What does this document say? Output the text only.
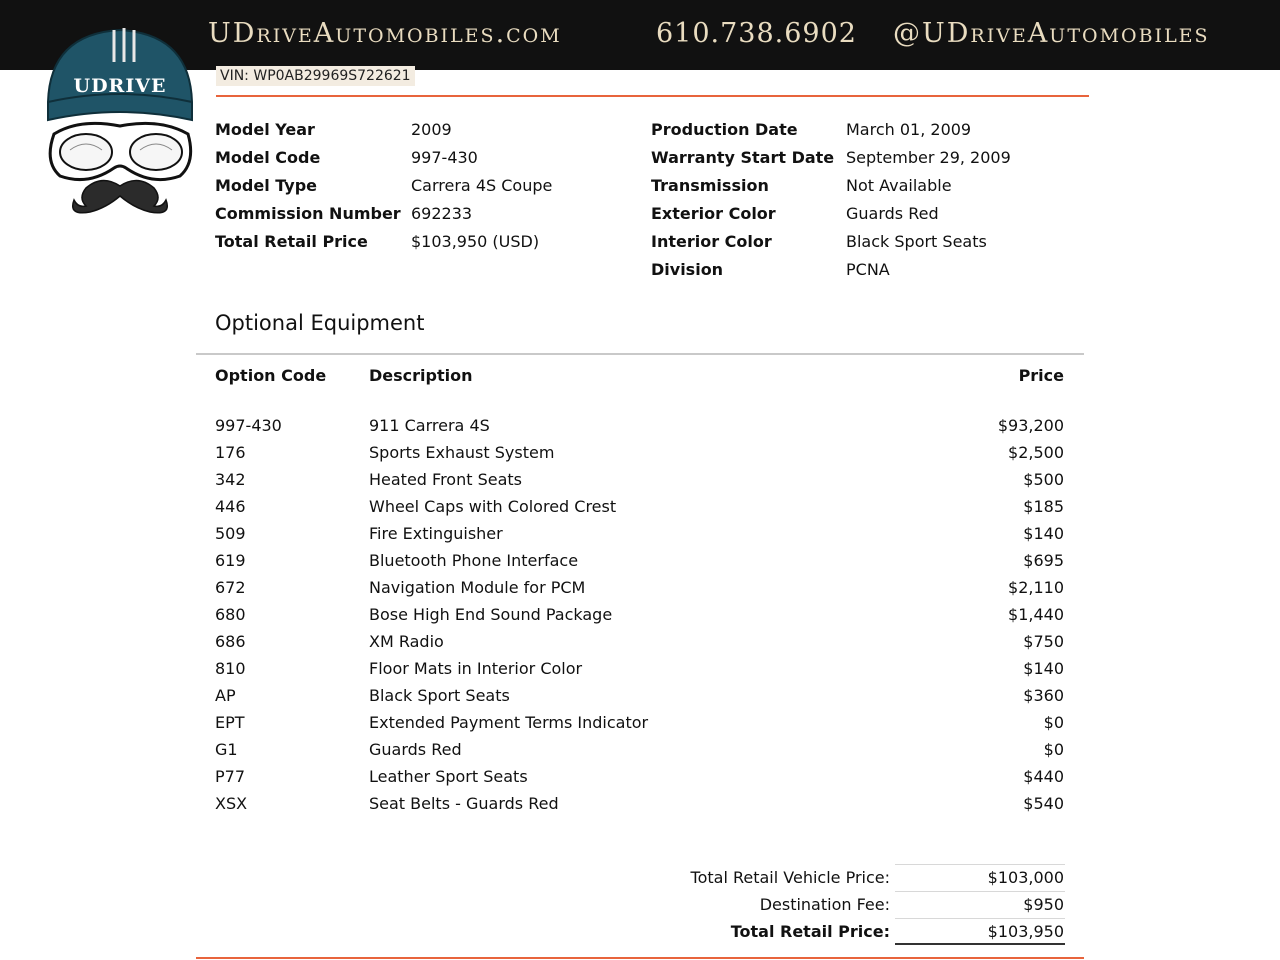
UDriveAutomobiles.com	610.738.6902 @UDriveAutomobiles
UDRIVE	VIN: WP0AB29969S722621
Model Year	2009
Model Code	997-430
Model Type	Carrera 4S Coupe
Commission Number 692233
Total Retail Price	$103,950 (USD)
Production Date	March 01, 2009
Warranty Start Date September 29, 2009
Transmission	Not Available
Exterior Color	Guards Red
Interior Color	Black Sport Seats
Division	PCNA
Optional Equipment
Option Code	Description	Price
997-430	911 Carrera 4S	$93,200
176	Sports Exhaust System	$2,500
342	Heated Front Seats	$500
446	Wheel Caps with Colored Crest	$185
509	Fire Extinguisher	$140
619	Bluetooth Phone Interface	$695
672	Navigation Module for PCM	$2,110
680	Bose High End Sound Package	$1,440
686	XM Radio	$750
810	Floor Mats in Interior Color	$140
AP	Black Sport Seats	$360
EPT	Extended Payment Terms Indicator	$0
G1	Guards Red	$0
P77	Leather Sport Seats	$440
XSX	Seat Belts - Guards Red	$540
Total Retail Vehicle Price:	$103,000
Destination Fee:	$950
Total Retail Price:	$103,950
